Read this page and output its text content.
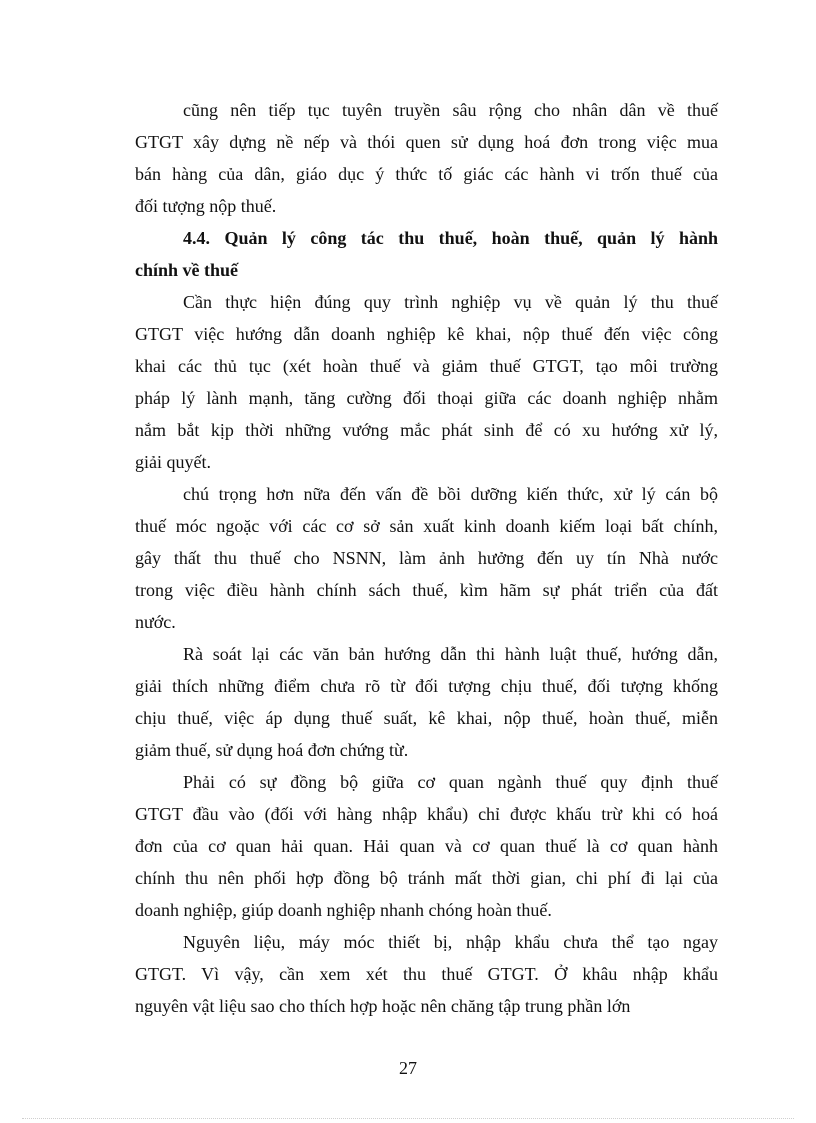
cũng nên tiếp tục tuyên truyền sâu rộng cho nhân dân về thuế
GTGT xây dựng nề nếp và thói quen sử dụng hoá đơn trong việc mua
bán hàng của dân, giáo dục ý thức tố giác các hành vi trốn thuế của
đối tượng nộp thuế.
4.4. Quản lý công tác thu thuế, hoàn thuế, quản lý hành
chính về thuế
Cần thực hiện đúng quy trình nghiệp vụ về quản lý thu thuế
GTGT việc hướng dẫn doanh nghiệp kê khai, nộp thuế đến việc công
khai các thủ tục (xét hoàn thuế và giảm thuế GTGT, tạo môi trường
pháp lý lành mạnh, tăng cường đối thoại giữa các doanh nghiệp nhằm
nắm bắt kịp thời những vướng mắc phát sinh để có xu hướng xử lý,
giải quyết.
chú trọng hơn nữa đến vấn đề bồi dưỡng kiến thức, xử lý cán bộ
thuế móc ngoặc với các cơ sở sản xuất kinh doanh kiếm loại bất chính,
gây thất thu thuế cho NSNN, làm ảnh hưởng đến uy tín Nhà nước
trong việc điều hành chính sách thuế, kìm hãm sự phát triển của đất
nước.
Rà soát lại các văn bản hướng dẫn thi hành luật thuế, hướng dẫn,
giải thích những điểm chưa rõ từ đối tượng chịu thuế, đối tượng khống
chịu thuế, việc áp dụng thuế suất, kê khai, nộp thuế, hoàn thuế, miễn
giảm thuế, sử dụng hoá đơn chứng từ.
Phải có sự đồng bộ giữa cơ quan ngành thuế quy định thuế
GTGT đầu vào (đối với hàng nhập khẩu) chỉ được khấu trừ khi có hoá
đơn của cơ quan hải quan. Hải quan và cơ quan thuế là cơ quan hành
chính thu nên phối hợp đồng bộ tránh mất thời gian, chi phí đi lại của
doanh nghiệp, giúp doanh nghiệp nhanh chóng hoàn thuế.
Nguyên liệu, máy móc thiết bị, nhập khẩu chưa thể tạo ngay
GTGT. Vì vậy, cần xem xét thu thuế GTGT. Ở khâu nhập khẩu
nguyên vật liệu sao cho thích hợp hoặc nên chăng tập trung phần lớn
27
